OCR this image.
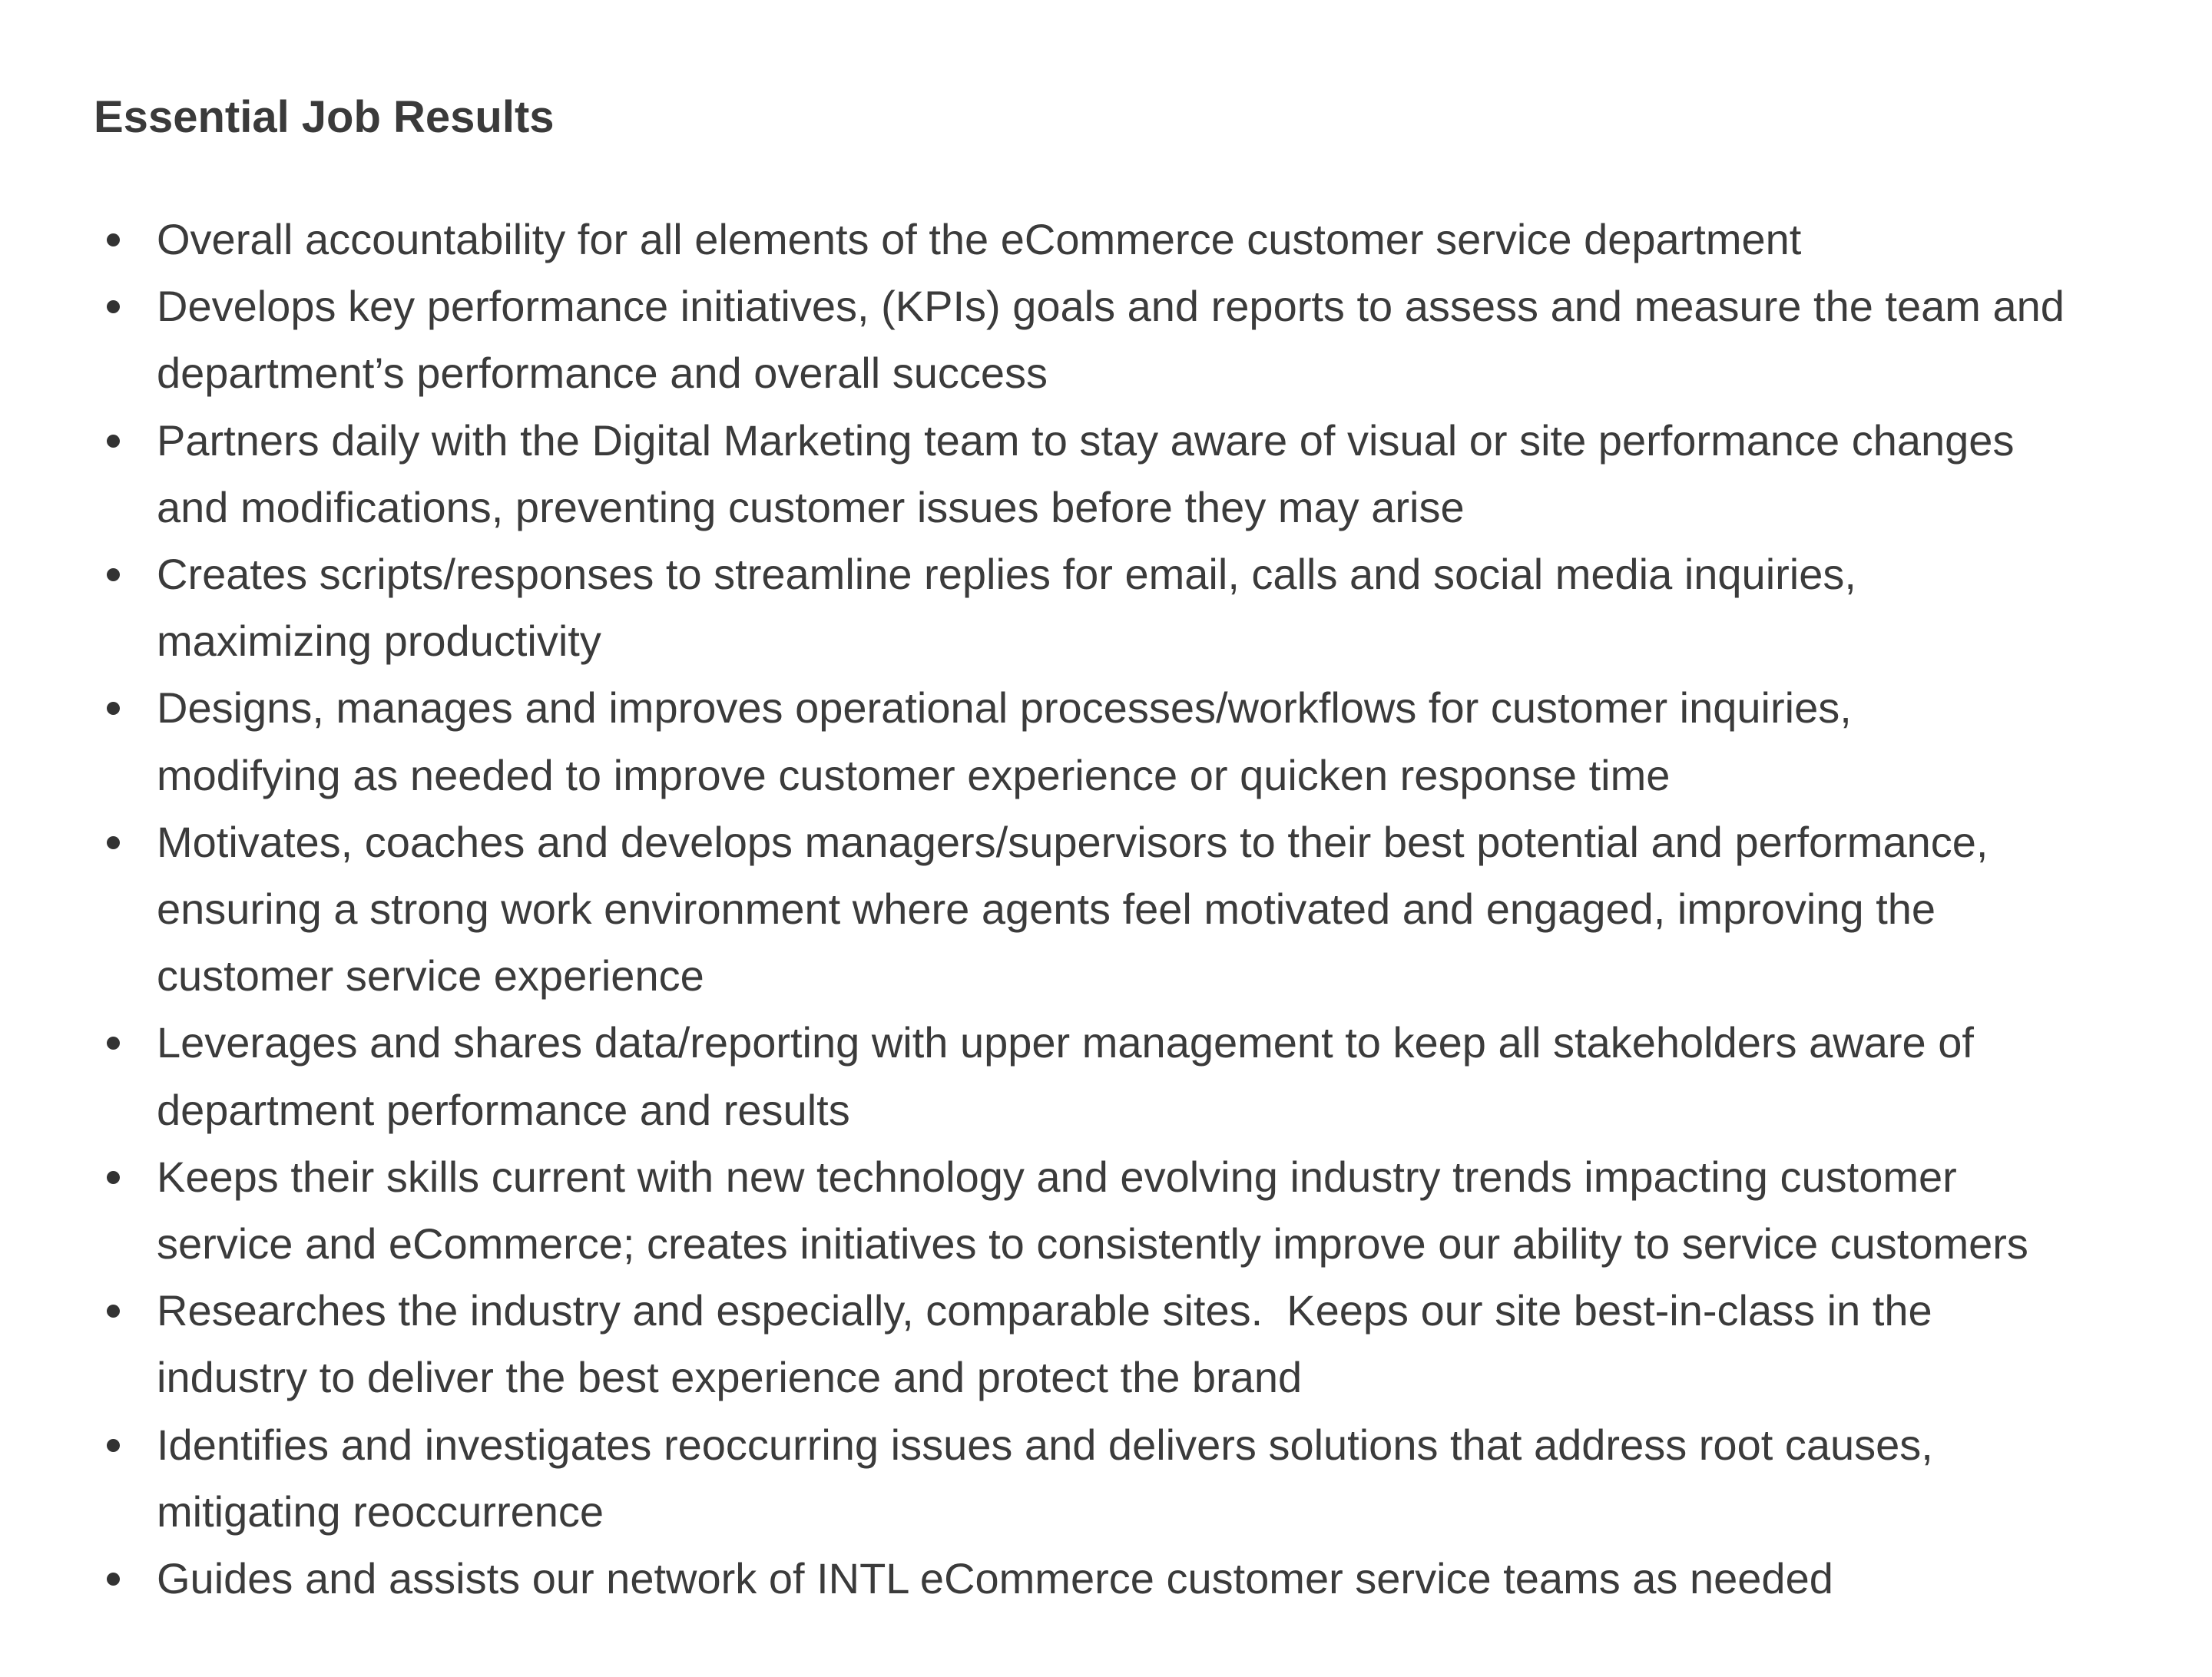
Essential Job Results
Overall accountability for all elements of the eCommerce customer service department
Develops key performance initiatives, (KPIs) goals and reports to assess and measure the team and
department’s performance and overall success
Partners daily with the Digital Marketing team to stay aware of visual or site performance changes
and modifications, preventing customer issues before they may arise
Creates scripts/responses to streamline replies for email, calls and social media inquiries,
maximizing productivity
Designs, manages and improves operational processes/workflows for customer inquiries,
modifying as needed to improve customer experience or quicken response time
Motivates, coaches and develops managers/supervisors to their best potential and performance,
ensuring a strong work environment where agents feel motivated and engaged, improving the
customer service experience
Leverages and shares data/reporting with upper management to keep all stakeholders aware of
department performance and results
Keeps their skills current with new technology and evolving industry trends impacting customer
service and eCommerce; creates initiatives to consistently improve our ability to service customers
Researches the industry and especially, comparable sites.  Keeps our site best-in-class in the
industry to deliver the best experience and protect the brand
Identifies and investigates reoccurring issues and delivers solutions that address root causes,
mitigating reoccurrence
Guides and assists our network of INTL eCommerce customer service teams as needed
